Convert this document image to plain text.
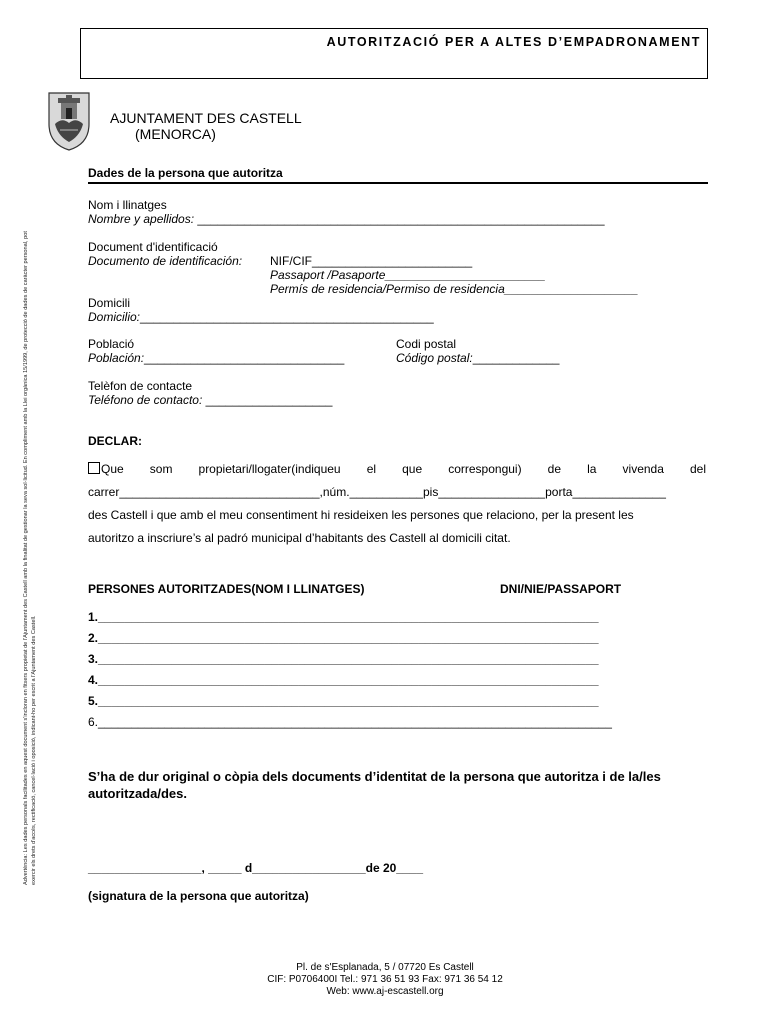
AUTORITZACIÓ PER A ALTES D’EMPADRONAMENT
AJUNTAMENT DES CASTELL
(MENORCA)
Advertència: Les dades personals facilitades en aquest document s'incloran en fitxers propietat de l'Ajuntament des Castell amb la finalitat de gestionar la seva sol·licitud. En compliment amb la Llei orgànica 15/1999, de protecció de dades de caràcter personal, pot exercir els drets d'accés, rectificació, cancel·lació i oposició, indicant-ho per escrit a l'Ajuntament des Castell.
Dades de la persona que autoritza
Nom i llinatges
Nombre y apellidos: _____________________________________________________________
Document d'identificació
Documento de identificación: NIF/CIF________________________
Passaport /Pasaporte________________________
Permís de residencia/Permiso de residencia____________________
Domicili
Domicilio:____________________________________________
Població
Población:______________________________
Codi postal
Código postal:_____________
Telèfon de contacte
Teléfono de contacto: ___________________
DECLAR:
Que som propietari/llogater(indiqueu el que correspongui) de la vivenda del
carrer______________________________,núm.___________pis________________porta______________
des Castell i que amb el meu consentiment hi resideixen les persones que relaciono, per la present les
autoritzo a inscriure’s al padró municipal d’habitants des Castell al domicili citat.
PERSONES AUTORITZADES(NOM I LLINATGES)	DNI/NIE/PASSAPORT
1.___________________________________________________________________________
2.___________________________________________________________________________
3.___________________________________________________________________________
4.___________________________________________________________________________
5.___________________________________________________________________________
6._____________________________________________________________________________
S’ha de dur original o còpia dels documents d’identitat de la persona que autoritza i de la/les autoritzada/des.
_________________, _____ d_________________de 20____
(signatura de la persona que autoritza)
Pl. de s'Esplanada, 5 / 07720 Es Castell
CIF: P0706400I Tel.: 971 36 51 93 Fax: 971 36 54 12
Web: www.aj-escastell.org
